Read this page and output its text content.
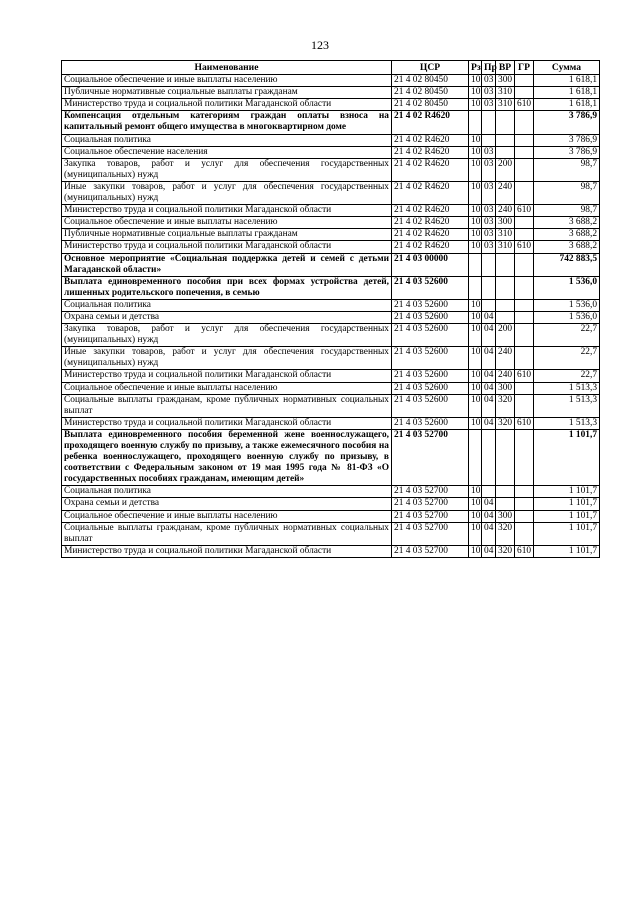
123
Наименование	ЦСР	Рз	Пр	ВР	ГР	Сумма
Социальное обеспечение и иные выплаты населению	21 4 02 80450	10	03	300		1 618,1
Публичные нормативные социальные выплаты гражданам	21 4 02 80450	10	03	310		1 618,1
Министерство труда и социальной политики Магаданской области	21 4 02 80450	10	03	310	610	1 618,1
Компенсация отдельным категориям граждан оплаты взноса на капитальный ремонт общего имущества в многоквартирном доме	21 4 02 R4620					3 786,9
Социальная политика	21 4 02 R4620	10				3 786,9
Социальное обеспечение населения	21 4 02 R4620	10	03			3 786,9
Закупка товаров, работ и услуг для обеспечения государственных (муниципальных) нужд	21 4 02 R4620	10	03	200		98,7
Иные закупки товаров, работ и услуг для обеспечения государственных (муниципальных) нужд	21 4 02 R4620	10	03	240		98,7
Министерство труда и социальной политики Магаданской области	21 4 02 R4620	10	03	240	610	98,7
Социальное обеспечение и иные выплаты населению	21 4 02 R4620	10	03	300		3 688,2
Публичные нормативные социальные выплаты гражданам	21 4 02 R4620	10	03	310		3 688,2
Министерство труда и социальной политики Магаданской области	21 4 02 R4620	10	03	310	610	3 688,2
Основное мероприятие «Социальная поддержка детей и семей с детьми Магаданской области»	21 4 03 00000					742 883,5
Выплата единовременного пособия при всех формах устройства детей, лишенных родительского попечения, в семью	21 4 03 52600					1 536,0
Социальная политика	21 4 03 52600	10				1 536,0
Охрана семьи и детства	21 4 03 52600	10	04			1 536,0
Закупка товаров, работ и услуг для обеспечения государственных (муниципальных) нужд	21 4 03 52600	10	04	200		22,7
Иные закупки товаров, работ и услуг для обеспечения государственных (муниципальных) нужд	21 4 03 52600	10	04	240		22,7
Министерство труда и социальной политики Магаданской области	21 4 03 52600	10	04	240	610	22,7
Социальное обеспечение и иные выплаты населению	21 4 03 52600	10	04	300		1 513,3
Социальные выплаты гражданам, кроме публичных нормативных социальных выплат	21 4 03 52600	10	04	320		1 513,3
Министерство труда и социальной политики Магаданской области	21 4 03 52600	10	04	320	610	1 513,3
Выплата единовременного пособия беременной жене военнослужащего, проходящего военную службу по призыву, а также ежемесячного пособия на ребенка военнослужащего, проходящего военную службу по призыву, в соответствии с Федеральным законом от 19 мая 1995 года № 81-ФЗ «О государственных пособиях гражданам, имеющим детей»	21 4 03 52700					1 101,7
Социальная политика	21 4 03 52700	10				1 101,7
Охрана семьи и детства	21 4 03 52700	10	04			1 101,7
Социальное обеспечение и иные выплаты населению	21 4 03 52700	10	04	300		1 101,7
Социальные выплаты гражданам, кроме публичных нормативных социальных выплат	21 4 03 52700	10	04	320		1 101,7
Министерство труда и социальной политики Магаданской области	21 4 03 52700	10	04	320	610	1 101,7
